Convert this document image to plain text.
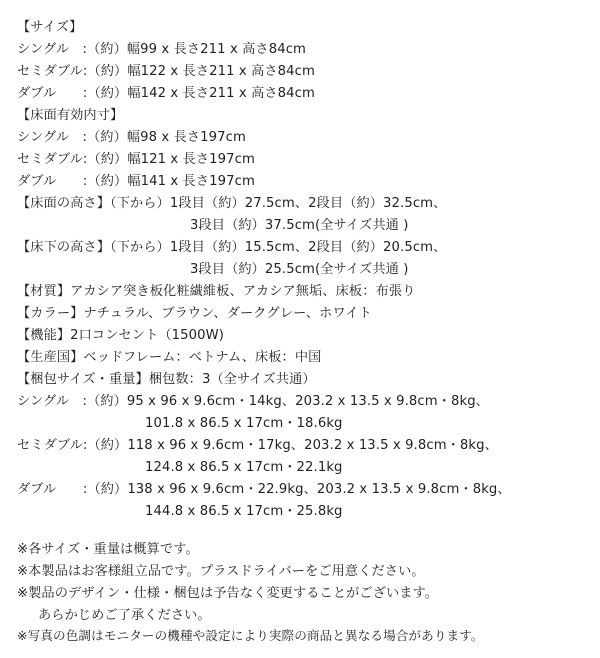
【サイズ】
シングル　:（約）幅99 x 長さ211 x 高さ84cm
セミダブル:（約）幅122 x 長さ211 x 高さ84cm
ダブル　　:（約）幅142 x 長さ211 x 高さ84cm
【床面有効内寸】
シングル　:（約）幅98 x 長さ197cm
セミダブル:（約）幅121 x 長さ197cm
ダブル　　:（約）幅141 x 長さ197cm
【床面の高さ】（下から）1段目（約）27.5cm、2段目（約）32.5cm、
3段目（約）37.5cm(全サイズ共通 )
【床下の高さ】（下から）1段目（約）15.5cm、2段目（約）20.5cm、
3段目（約）25.5cm(全サイズ共通 )
【材質】アカシア突き板化粧繊維板、アカシア無垢、床板：布張り
【カラー】ナチュラル、ブラウン、ダークグレー、ホワイト
【機能】2口コンセント（1500W)
【生産国】ベッドフレーム：ベトナム、床板：中国
【梱包サイズ・重量】梱包数：3（全サイズ共通）
シングル　:（約）95 x 96 x 9.6cm・14kg、203.2 x 13.5 x 9.8cm・8kg、
101.8 x 86.5 x 17cm・18.6kg
セミダブル:（約）118 x 96 x 9.6cm・17kg、203.2 x 13.5 x 9.8cm・8kg、
124.8 x 86.5 x 17cm・22.1kg
ダブル　　:（約）138 x 96 x 9.6cm・22.9kg、203.2 x 13.5 x 9.8cm・8kg、
144.8 x 86.5 x 17cm・25.8kg
※各サイズ・重量は概算です。
※本製品はお客様組立品です。プラスドライバーをご用意ください。
※製品のデザイン・仕様・梱包は予告なく変更することがございます。
あらかじめご了承ください。
※写真の色調はモニターの機種や設定により実際の商品と異なる場合があります。
